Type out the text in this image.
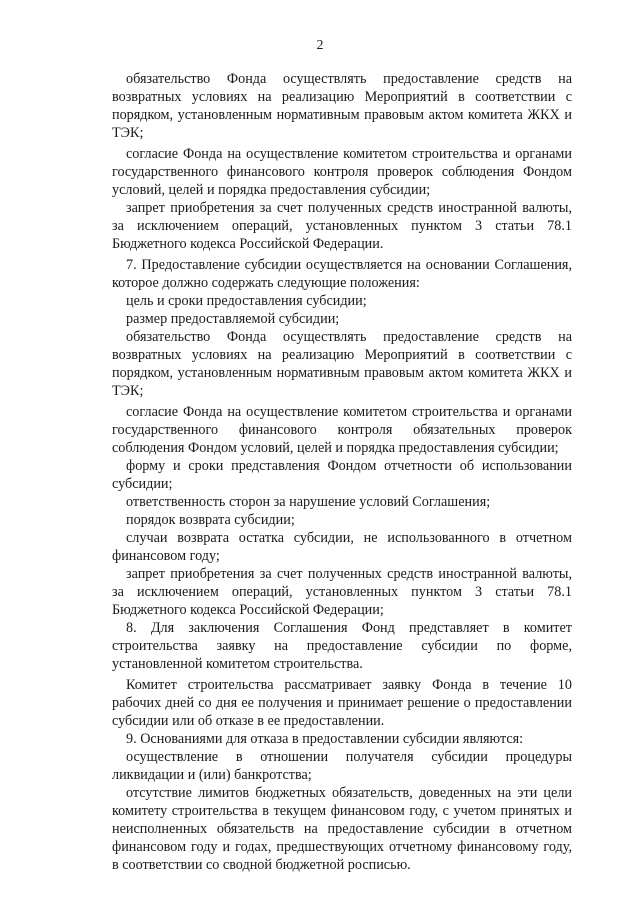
2

обязательство Фонда осуществлять предоставление средств на возвратных условиях на реализацию Мероприятий в соответствии с порядком, установленным нормативным правовым актом комитета ЖКХ и ТЭК;

согласие Фонда на осуществление комитетом строительства и органами государственного финансового контроля проверок соблюдения Фондом условий, целей и порядка предоставления субсидии;

запрет приобретения за счет полученных средств иностранной валюты, за исключением операций, установленных пунктом 3 статьи 78.1 Бюджетного кодекса Российской Федерации.

7. Предоставление субсидии осуществляется на основании Соглашения, которое должно содержать следующие положения:

цель и сроки предоставления субсидии;

размер предоставляемой субсидии;

обязательство Фонда осуществлять предоставление средств на возвратных условиях на реализацию Мероприятий в соответствии с порядком, установленным нормативным правовым актом комитета ЖКХ и ТЭК;

согласие Фонда на осуществление комитетом строительства и органами государственного финансового контроля обязательных проверок соблюдения Фондом условий, целей и порядка предоставления субсидии;

форму и сроки представления Фондом отчетности об использовании субсидии;

ответственность сторон за нарушение условий Соглашения;

порядок возврата субсидии;

случаи возврата остатка субсидии, не использованного в отчетном финансовом году;

запрет приобретения за счет полученных средств иностранной валюты, за исключением операций, установленных пунктом 3 статьи 78.1 Бюджетного кодекса Российской Федерации;

8. Для заключения Соглашения Фонд представляет в комитет строительства заявку на предоставление субсидии по форме, установленной комитетом строительства.

Комитет строительства рассматривает заявку Фонда в течение 10 рабочих дней со дня ее получения и принимает решение о предоставлении субсидии или об отказе в ее предоставлении.

9. Основаниями для отказа в предоставлении субсидии являются:

осуществление в отношении получателя субсидии процедуры ликвидации и (или) банкротства;

отсутствие лимитов бюджетных обязательств, доведенных на эти цели комитету строительства в текущем финансовом году, с учетом принятых и неисполненных обязательств на предоставление субсидии в отчетном финансовом году и годах, предшествующих отчетному финансовому году, в соответствии со сводной бюджетной росписью.
